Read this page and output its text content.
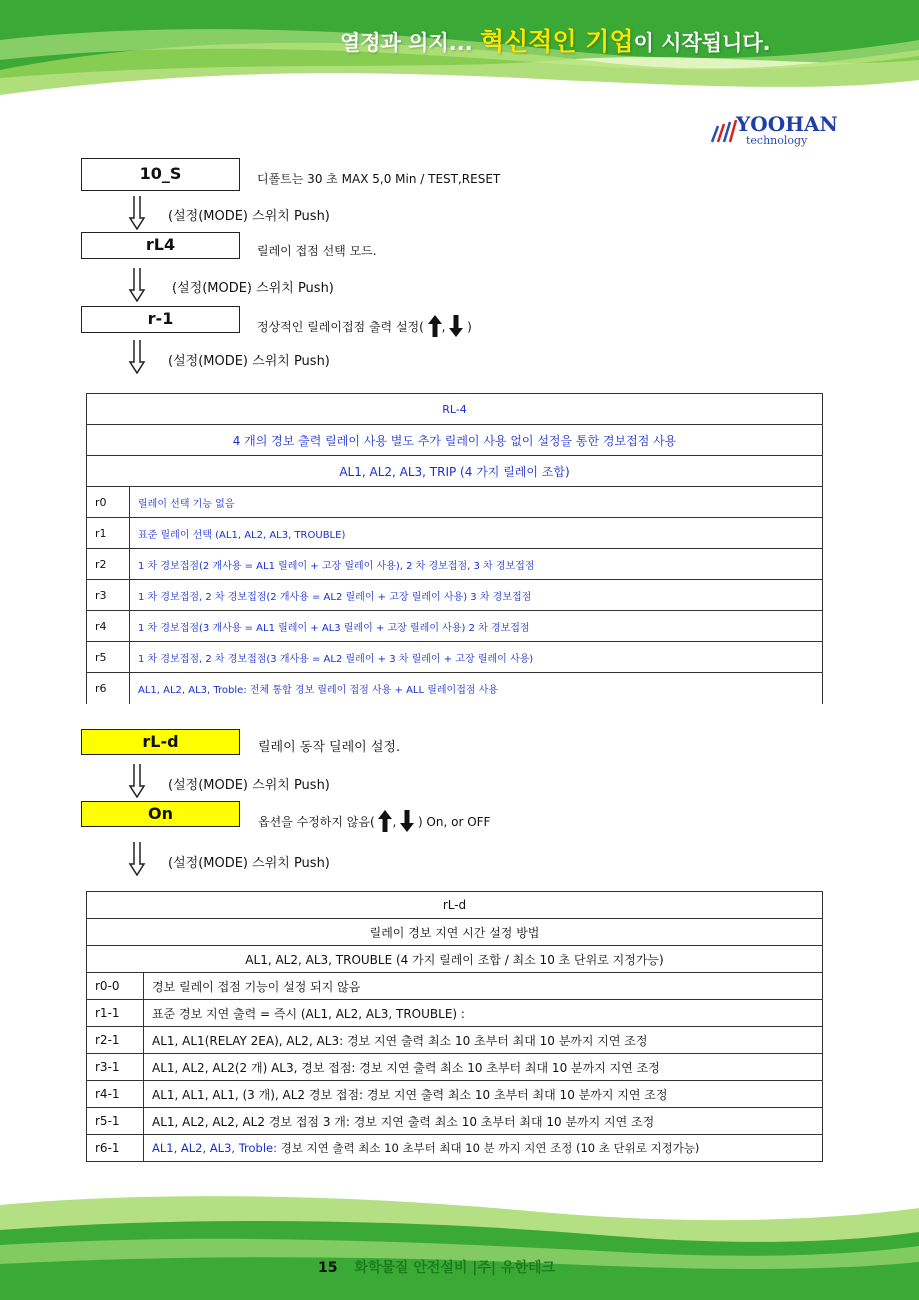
열정과 의지... 혁신적인 기업이 시작됩니다.
YOOHAN
technology
10_S	디폴트는 30 초 MAX 5,0 Min / TEST,RESET
(설정(MODE) 스위치 Push)
rL4	릴레이 접점 선택 모드.
(설정(MODE) 스위치 Push)
r-1	정상적인 릴레이접점 출력 설정( ,  )
(설정(MODE) 스위치 Push)
RL-4	
4 개의 경보 출력 릴레이 사용 별도 추가 릴레이 사용 없이 설정을 통한 경보접점 사용	
AL1, AL2, AL3, TRIP (4 가지 릴레이 조합)	
r0	릴레이 선택 기능 없음
r1	표준 릴레이 선택 (AL1, AL2, AL3, TROUBLE)
r2	1 차 경보접점(2 개사용 = AL1 릴레이 + 고장 릴레이 사용), 2 차 경보접점, 3 차 경보접점
r3	1 차 경보접점, 2 차 경보접점(2 개사용 = AL2 릴레이 + 고장 릴레이 사용) 3 차 경보접점
r4	1 차 경보접점(3 개사용 = AL1 릴레이 + AL3 릴레이 + 고장 릴레이 사용) 2 차 경보접점
r5	1 차 경보접점, 2 차 경보접점(3 개사용 = AL2 릴레이 + 3 차 릴레이 + 고장 릴레이 사용)
r6	AL1, AL2, AL3, Troble: 전체 통합 경보 릴레이 접점 사용 + ALL 릴레이접점 사용
rL-d	릴레이 동작 딜레이 설정.
(설정(MODE) 스위치 Push)
On	옵션을 수정하지 않음( ,  ) On, or OFF
(설정(MODE) 스위치 Push)
rL-d	
릴레이 경보 지연 시간 설정 방법	
AL1, AL2, AL3, TROUBLE (4 가지 릴레이 조합 / 최소 10 초 단위로 지정가능)	
r0-0	경보 릴레이 접점 기능이 설정 되지 않음
r1-1	표준 경보 지연 출력 = 즉시 (AL1, AL2, AL3, TROUBLE) :
r2-1	AL1, AL1(RELAY 2EA), AL2, AL3: 경보 지연 출력 최소 10 초부터 최대 10 분까지 지연 조정
r3-1	AL1, AL2, AL2(2 개) AL3, 경보 접점: 경보 지연 출력 최소 10 초부터 최대 10 분까지 지연 조정
r4-1	AL1, AL1, AL1, (3 개), AL2 경보 접점: 경보 지연 출력 최소 10 초부터 최대 10 분까지 지연 조정
r5-1	AL1, AL2, AL2, AL2 경보 접점 3 개: 경보 지연 출력 최소 10 초부터 최대 10 분까지 지연 조정
r6-1	AL1, AL2, AL3, Troble: 경보 지연 출력 최소 10 초부터 최대 10 분 까지 지연 조정 (10 초 단위로 지정가능)
15 화학물질 안전설비 |주| 유한테크
